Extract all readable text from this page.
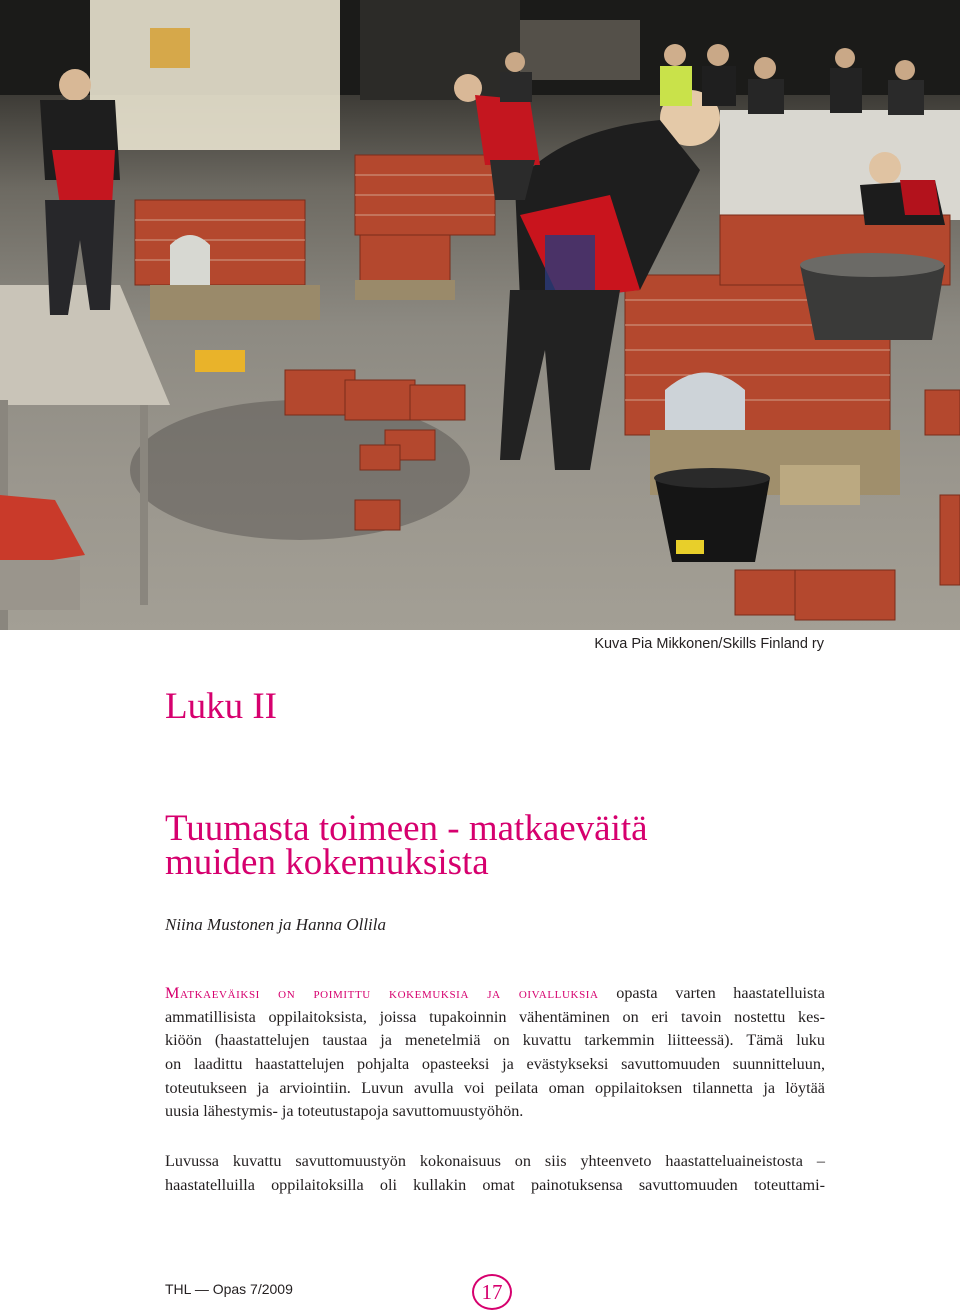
Kuva Pia Mikkonen/Skills Finland ry
Luku II
Tuumasta toimeen - matkaeväitä
muiden kokemuksista
Niina Mustonen ja Hanna Ollila
Matkaeväiksi on poimittu kokemuksia ja oivalluksia opasta varten haastatelluista
ammatillisista oppilaitoksista, joissa tupakoinnin vähentäminen on eri tavoin nostettu kes-
kiöön (haastattelujen taustaa ja menetelmiä on kuvattu tarkemmin liitteessä). Tämä luku
on laadittu haastattelujen pohjalta opasteeksi ja evästykseksi savuttomuuden suunnitteluun,
toteutukseen ja arviointiin. Luvun avulla voi peilata oman oppilaitoksen tilannetta ja löytää
uusia lähestymis- ja toteutustapoja savuttomuustyöhön.
Luvussa kuvattu savuttomuustyön kokonaisuus on siis yhteenveto haastatteluaineistosta –
haastatelluilla oppilaitoksilla oli kullakin omat painotuksensa savuttomuuden toteuttami-
THL — Opas 7/2009	17
